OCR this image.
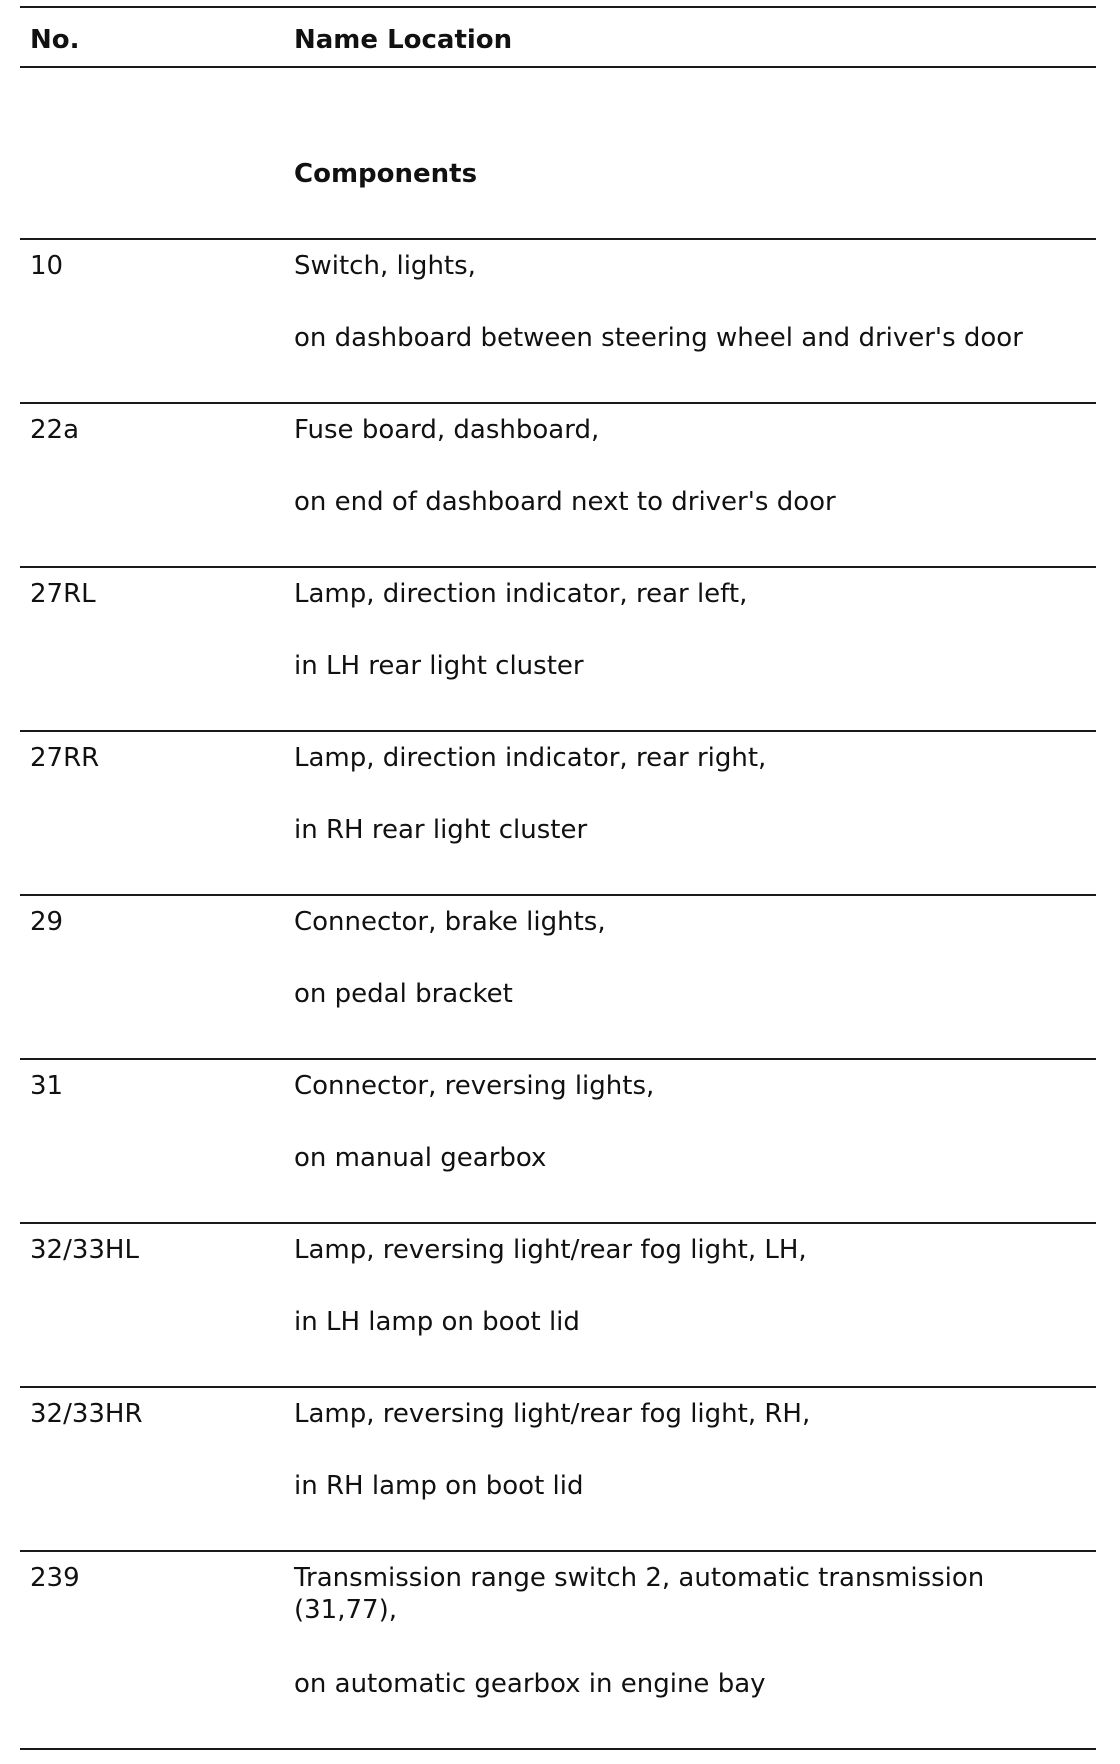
No.	Name Location
Components
10	Switch, lights,
on dashboard between steering wheel and driver's door
22a	Fuse board, dashboard,
on end of dashboard next to driver's door
27RL	Lamp, direction indicator, rear left,
in LH rear light cluster
27RR	Lamp, direction indicator, rear right,
in RH rear light cluster
29	Connector, brake lights,
on pedal bracket
31	Connector, reversing lights,
on manual gearbox
32/33HL	Lamp, reversing light/rear fog light, LH,
in LH lamp on boot lid
32/33HR	Lamp, reversing light/rear fog light, RH,
in RH lamp on boot lid
239	Transmission range switch 2, automatic transmission (31,77),
on automatic gearbox in engine bay
